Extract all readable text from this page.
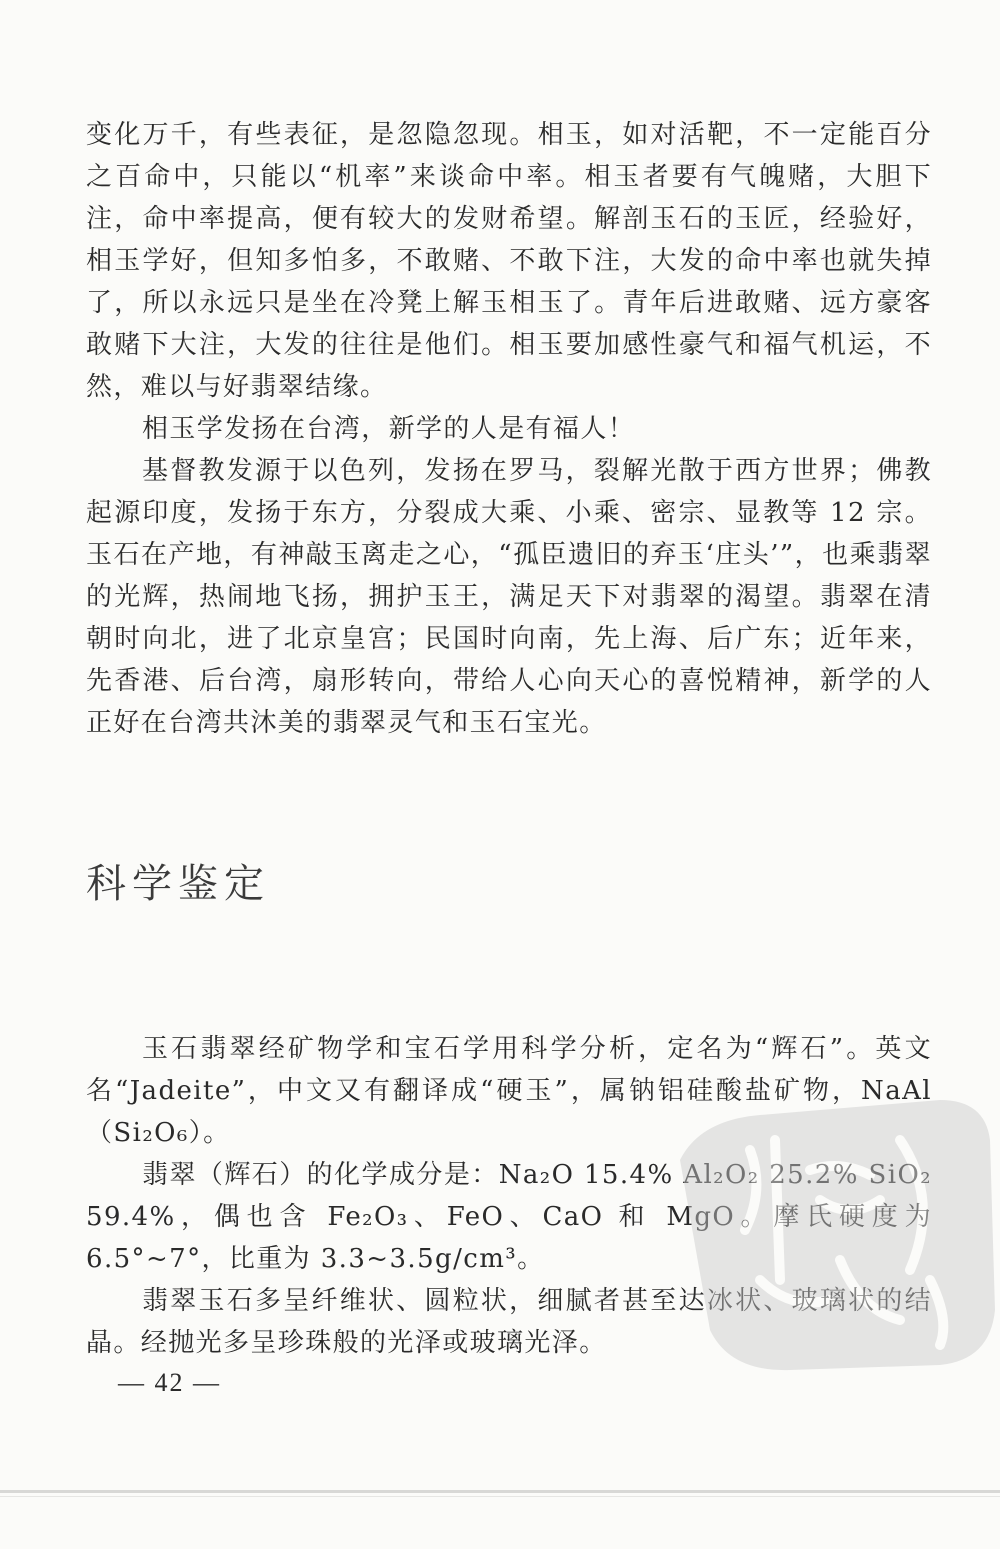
变化万千，有些表征，是忽隐忽现。相玉，如对活靶，不一定能百分之百命中，只能以“机率”来谈命中率。相玉者要有气魄赌，大胆下注，命中率提高，便有较大的发财希望。解剖玉石的玉匠，经验好，相玉学好，但知多怕多，不敢赌、不敢下注，大发的命中率也就失掉了，所以永远只是坐在冷凳上解玉相玉了。青年后进敢赌、远方豪客敢赌下大注，大发的往往是他们。相玉要加感性豪气和福气机运，不然，难以与好翡翠结缘。

相玉学发扬在台湾，新学的人是有福人！

基督教发源于以色列，发扬在罗马，裂解光散于西方世界；佛教起源印度，发扬于东方，分裂成大乘、小乘、密宗、显教等 12 宗。玉石在产地，有神敲玉离走之心，“孤臣遗旧的弃玉‘庄头’”，也乘翡翠的光辉，热闹地飞扬，拥护玉王，满足天下对翡翠的渴望。翡翠在清朝时向北，进了北京皇宫；民国时向南，先上海、后广东；近年来，先香港、后台湾，扇形转向，带给人心向天心的喜悦精神，新学的人正好在台湾共沐美的翡翠灵气和玉石宝光。

科学鉴定

玉石翡翠经矿物学和宝石学用科学分析，定名为“辉石”。英文名“Jadeite”，中文又有翻译成“硬玉”，属钠铝硅酸盐矿物，NaAl（Si₂O₆）。

翡翠（辉石）的化学成分是：Na₂O 15.4% Al₂O₂ 25.2% SiO₂ 59.4%，偶也含 Fe₂O₃、FeO、CaO 和 MgO。摩氏硬度为 6.5°~7°，比重为 3.3~3.5g/cm³。

翡翠玉石多呈纤维状、圆粒状，细腻者甚至达冰状、玻璃状的结晶。经抛光多呈珍珠般的光泽或玻璃光泽。

— 42 —
